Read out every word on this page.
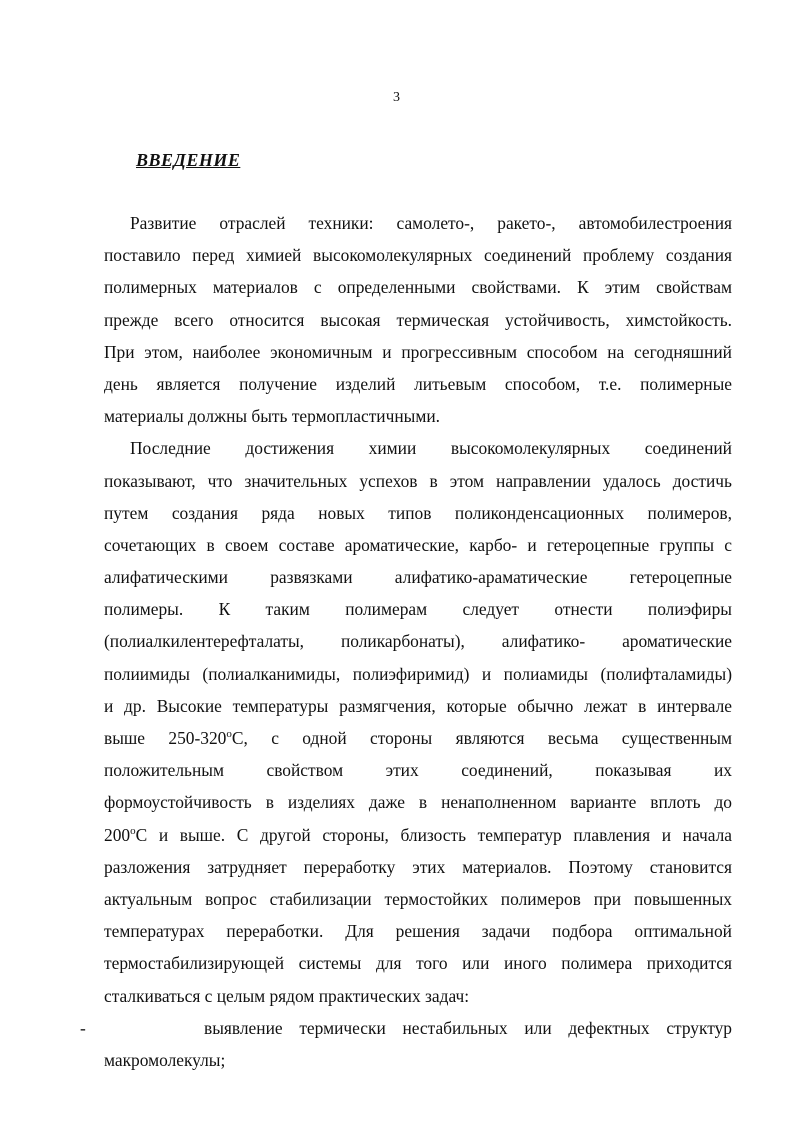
3
ВВЕДЕНИЕ
Развитие отраслей техники: самолето-, ракето-, автомобилестроения
поставило перед химией высокомолекулярных соединений проблему создания
полимерных материалов с определенными свойствами. К этим свойствам
прежде всего относится высокая термическая устойчивость, химстойкость.
При этом, наиболее экономичным и прогрессивным способом на сегодняшний
день является получение изделий литьевым способом, т.е. полимерные
материалы должны быть термопластичными.
Последние достижения химии высокомолекулярных соединений
показывают, что значительных успехов в этом направлении удалось достичь
путем создания ряда новых типов поликонденсационных полимеров,
сочетающих в своем составе ароматические, карбо- и гетероцепные группы с
алифатическими развязками алифатико-араматические гетероцепные
полимеры. К таким полимерам следует отнести полиэфиры
(полиалкилентерефталаты, поликарбонаты), алифатико- ароматические
полиимиды (полиалканимиды, полиэфиримид) и полиамиды (полифталамиды)
и др. Высокие температуры размягчения, которые обычно лежат в интервале
выше 250-320$^o$С, с одной стороны являются весьма существенным
положительным свойством этих соединений, показывая их
формоустойчивость в изделиях даже в ненаполненном варианте вплоть до
200$^o$С и выше. С другой стороны, близость температур плавления и начала
разложения затрудняет переработку этих материалов. Поэтому становится
актуальным вопрос стабилизации термостойких полимеров при повышенных
температурах переработки. Для решения задачи подбора оптимальной
термостабилизирующей системы для того или иного полимера приходится
сталкиваться с целым рядом практических задач:
-	выявление термически нестабильных или дефектных структур
макромолекулы;
